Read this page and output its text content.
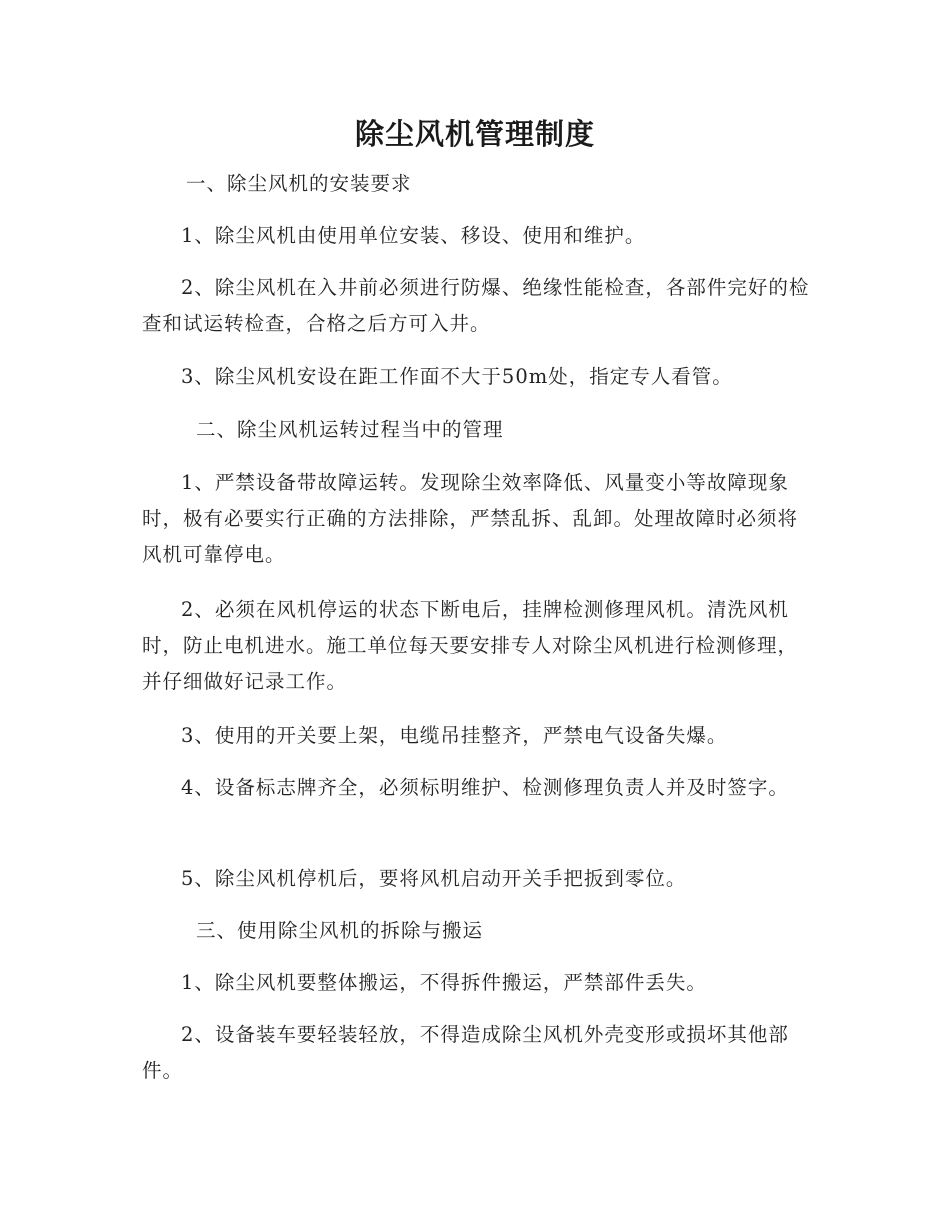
除尘风机管理制度

一、除尘风机的安装要求

1、除尘风机由使用单位安装、移设、使用和维护。

2、除尘风机在入井前必须进行防爆、绝缘性能检查，各部件完好的检查和试运转检查，合格之后方可入井。

3、除尘风机安设在距工作面不大于50m处，指定专人看管。

二、除尘风机运转过程当中的管理

1、严禁设备带故障运转。发现除尘效率降低、风量变小等故障现象时，极有必要实行正确的方法排除，严禁乱拆、乱卸。处理故障时必须将风机可靠停电。

2、必须在风机停运的状态下断电后，挂牌检测修理风机。清洗风机时，防止电机进水。施工单位每天要安排专人对除尘风机进行检测修理，并仔细做好记录工作。

3、使用的开关要上架，电缆吊挂整齐，严禁电气设备失爆。

4、设备标志牌齐全，必须标明维护、检测修理负责人并及时签字。

5、除尘风机停机后，要将风机启动开关手把扳到零位。

三、使用除尘风机的拆除与搬运

1、除尘风机要整体搬运，不得拆件搬运，严禁部件丢失。

2、设备装车要轻装轻放，不得造成除尘风机外壳变形或损坏其他部件。
